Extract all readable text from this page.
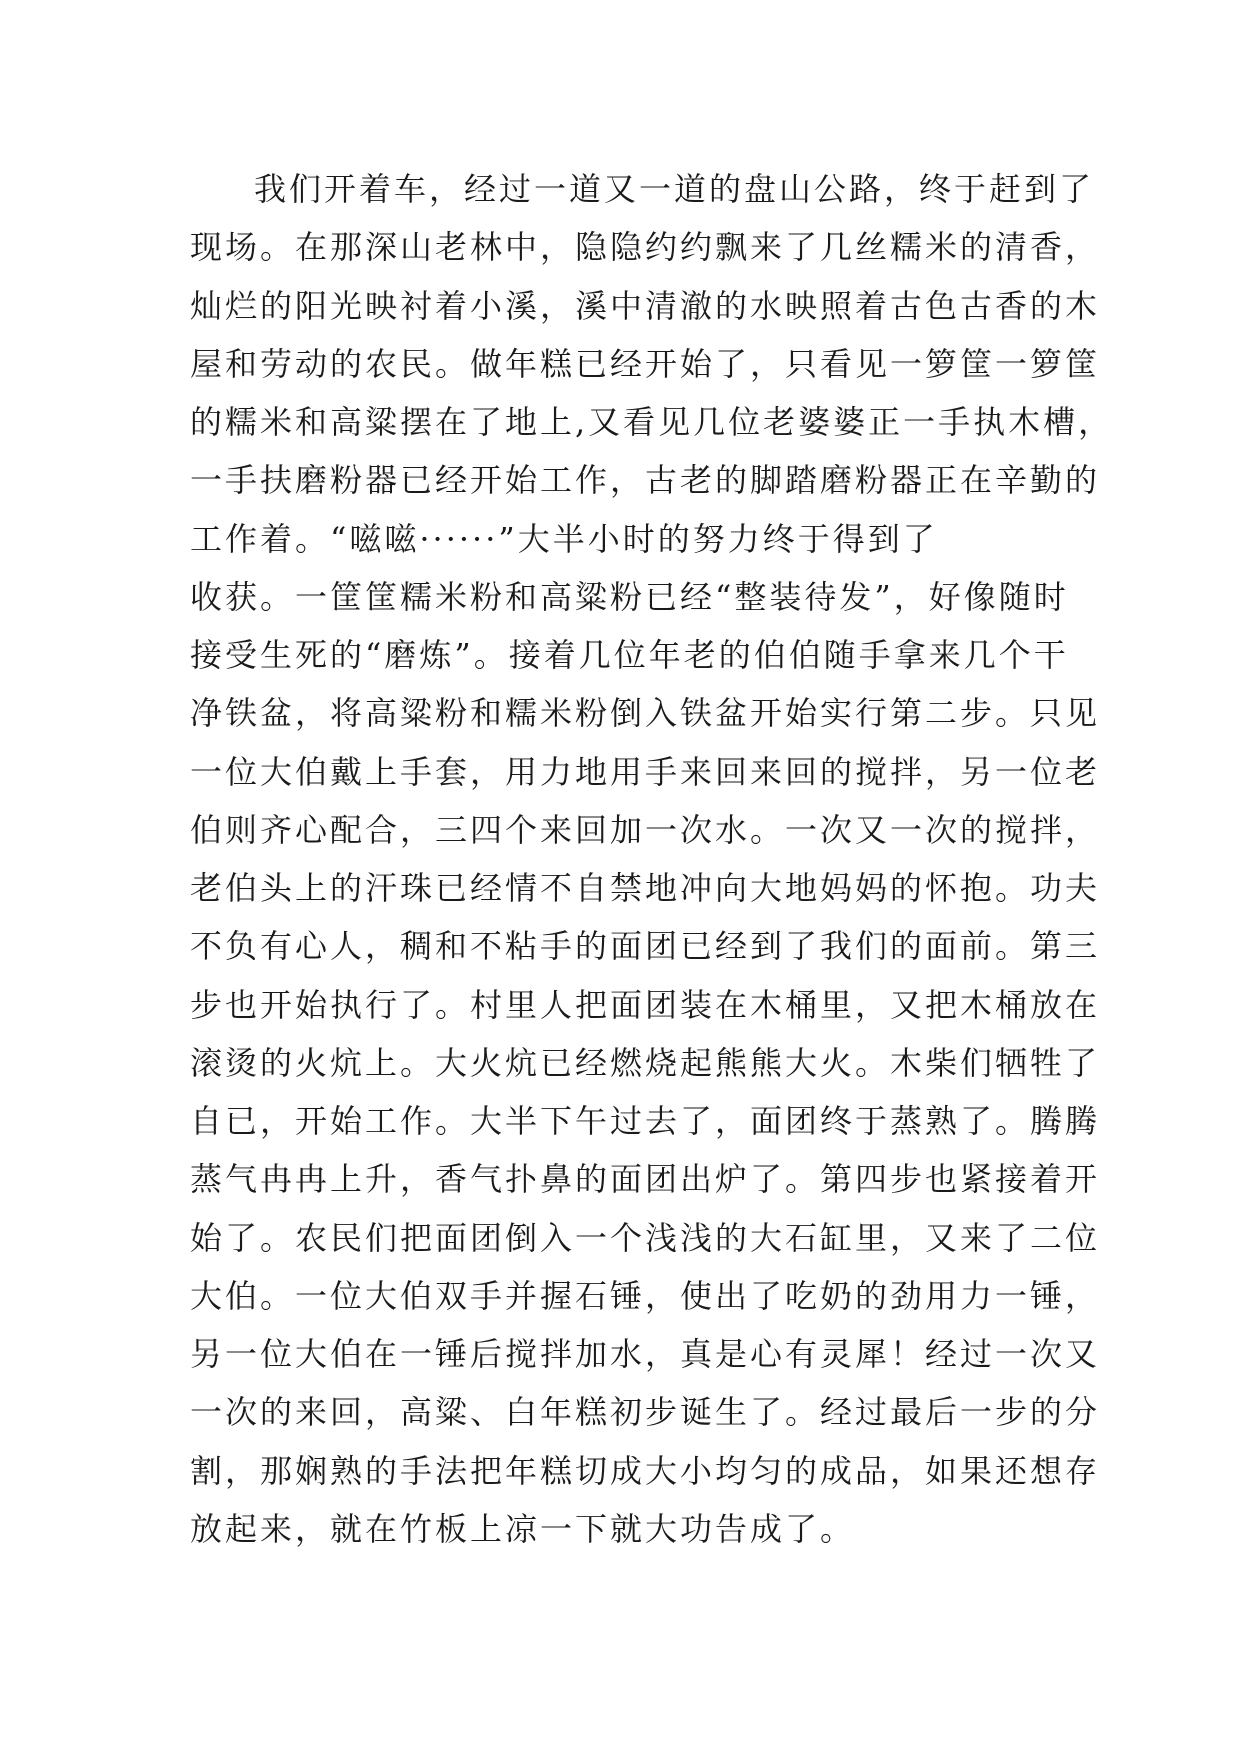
我们开着车，经过一道又一道的盘山公路，终于赶到了
现场。在那深山老林中，隐隐约约飘来了几丝糯米的清香，
灿烂的阳光映衬着小溪，溪中清澈的水映照着古色古香的木
屋和劳动的农民。做年糕已经开始了，只看见一箩筐一箩筐
的糯米和高粱摆在了地上,又看见几位老婆婆正一手执木槽，
一手扶磨粉器已经开始工作，古老的脚踏磨粉器正在辛勤的
工作着。“嗞嗞······”大半小时的努力终于得到了
收获。一筐筐糯米粉和高粱粉已经“整装待发”，好像随时
接受生死的“磨炼”。接着几位年老的伯伯随手拿来几个干
净铁盆，将高粱粉和糯米粉倒入铁盆开始实行第二步。只见
一位大伯戴上手套，用力地用手来回来回的搅拌，另一位老
伯则齐心配合，三四个来回加一次水。一次又一次的搅拌，
老伯头上的汗珠已经情不自禁地冲向大地妈妈的怀抱。功夫
不负有心人，稠和不粘手的面团已经到了我们的面前。第三
步也开始执行了。村里人把面团装在木桶里，又把木桶放在
滚烫的火炕上。大火炕已经燃烧起熊熊大火。木柴们牺牲了
自已，开始工作。大半下午过去了，面团终于蒸熟了。腾腾
蒸气冉冉上升，香气扑鼻的面团出炉了。第四步也紧接着开
始了。农民们把面团倒入一个浅浅的大石缸里，又来了二位
大伯。一位大伯双手并握石锤，使出了吃奶的劲用力一锤，
另一位大伯在一锤后搅拌加水，真是心有灵犀！经过一次又
一次的来回，高粱、白年糕初步诞生了。经过最后一步的分
割，那娴熟的手法把年糕切成大小均匀的成品，如果还想存
放起来，就在竹板上凉一下就大功告成了。
